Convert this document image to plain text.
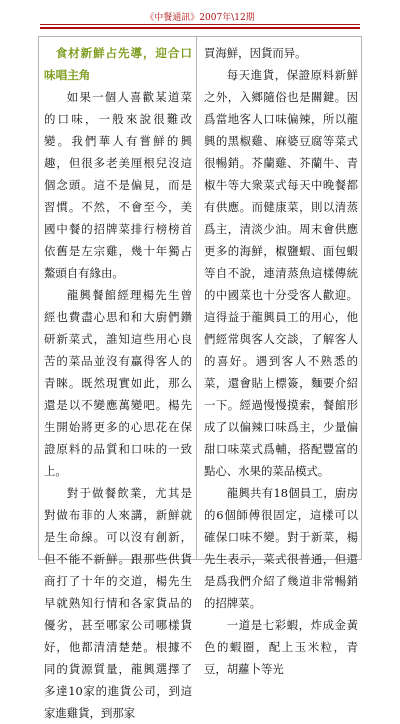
《中餐通訊》2007年\12期

食材新鮮占先導，迎合口味唱主角

如果一個人喜歡某道菜的口味，一般來說很難改變。我們華人有嘗鮮的興趣，但很多老美厘根兒沒這個念頭。這不是偏見，而是習慣。不然，不會至今，美國中餐的招牌菜排行榜榜首依舊是左宗雞，幾十年獨占鰲頭自有緣由。

龍興餐館經理楊先生曾經也費盡心思和和大廚們鑽研新菜式，誰知這些用心良苦的菜品並沒有贏得客人的青睞。既然現實如此，那么還是以不變應萬變吧。楊先生開始將更多的心思花在保證原料的品質和口味的一致上。

對于做餐飲業，尤其是對做布菲的人來講，新鮮就是生命線。可以沒有創新，但不能不新鮮。跟那些供貨商打了十年的交道，楊先生早就熟知行情和各家貨品的優劣，甚至哪家公司哪樣貨好，他都清清楚楚。根據不同的貨源質量，龍興選擇了多達10家的進貨公司，到這家進雞貨，到那家

買海鮮，因貨而异。

每天進貨，保證原料新鮮之外，入鄉隨俗也是關鍵。因爲當地客人口味偏辣，所以龍興的黑椒雞、麻婆豆腐等菜式很暢銷。芥蘭雞、芥蘭牛、青椒牛等大衆菜式每天中晚餐都有供應。而健康菜，則以清蒸爲主，清淡少油。周末會供應更多的海鮮，椒鹽蝦、面包蝦等自不說，連清蒸魚這樣傳統的中國菜也十分受客人歡迎。這得益于龍興員工的用心，他們經常與客人交談，了解客人的喜好。遇到客人不熟悉的菜，還會貼上標簽，麵要介紹一下。經過慢慢摸索，餐館形成了以偏辣口味爲主，少量偏甜口味菜式爲輔，搭配豐富的點心、水果的菜品模式。

龍興共有18個員工，廚房的6個師傅很固定，這樣可以確保口味不變。對于新菜，楊先生表示，菜式很普通，但還是爲我們介紹了幾道非常暢銷的招牌菜。

一道是七彩蝦，炸成金黃色的蝦圈，配上玉米粒，青豆，胡蘿卜等光
